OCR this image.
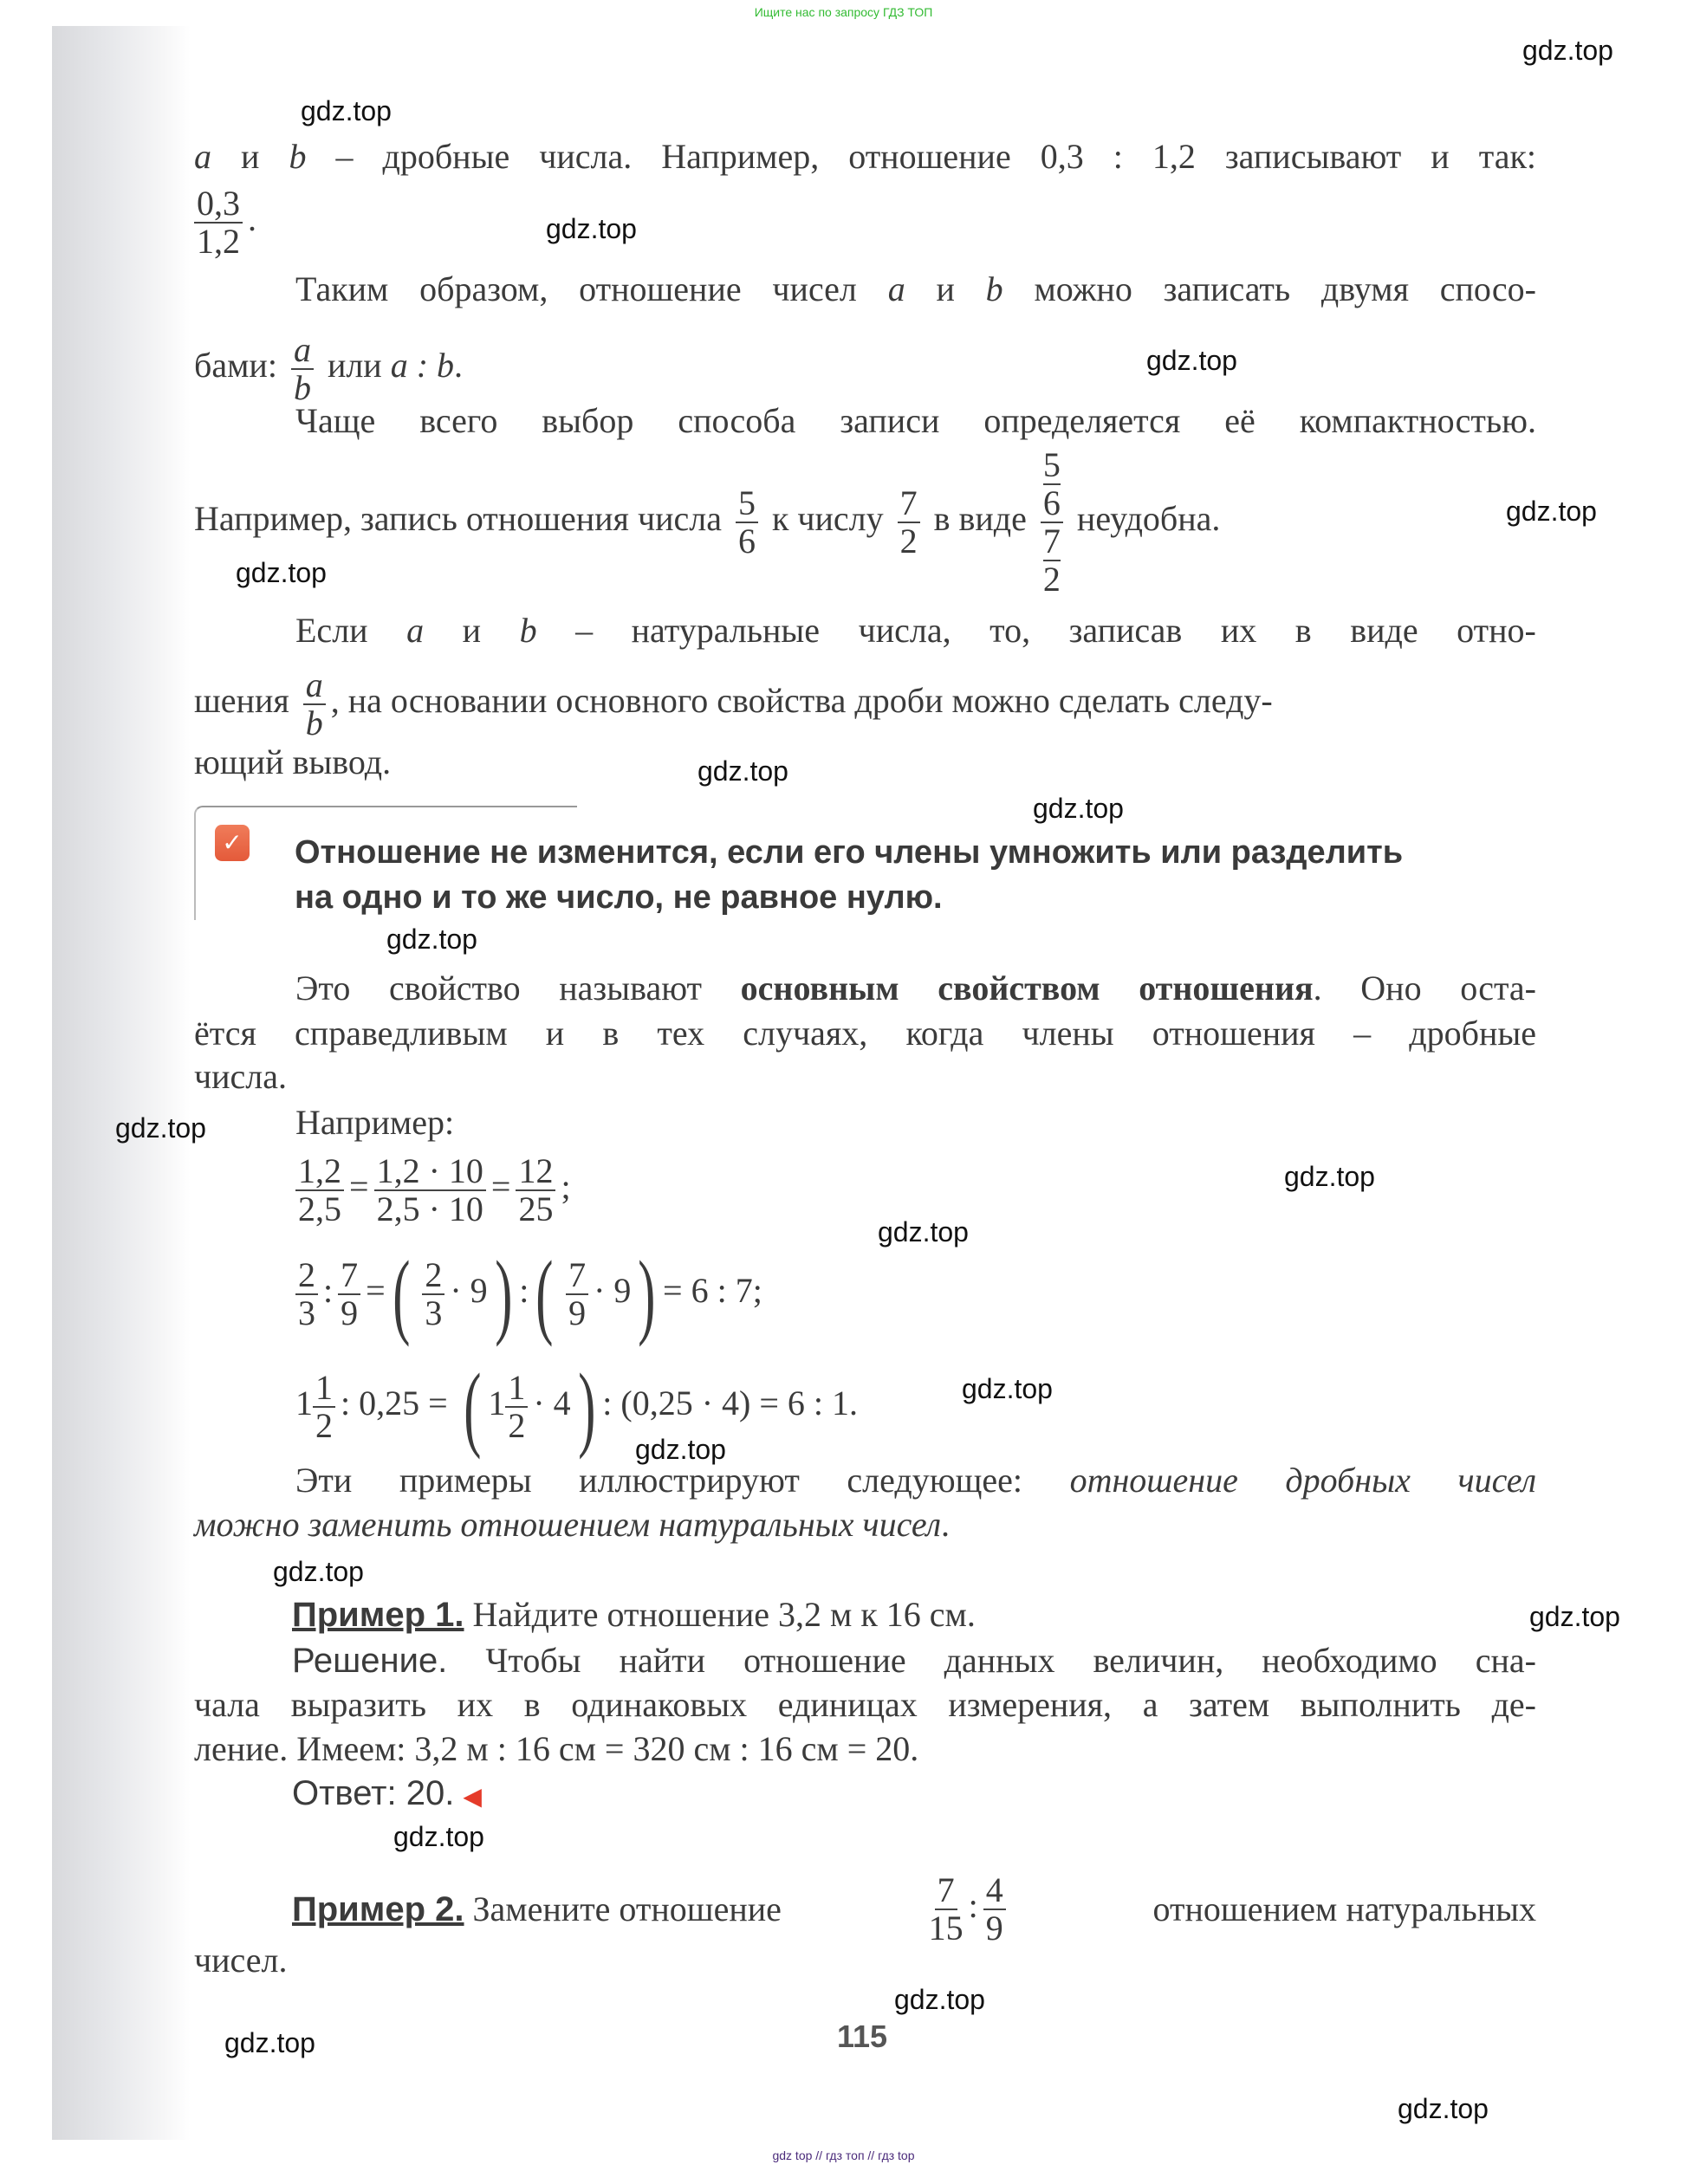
Ищите нас по запросу ГДЗ ТОП
a и b – дробные числа. Например, отношение 0,3 : 1,2 записывают и так:
$\frac{0,3}{1,2}$ .
Таким образом, отношение чисел a и b можно записать двумя спосо-
бами: $\frac{a}{b}$ или a : b.
Чаще всего выбор способа записи определяется её компактностью.
Например, запись отношения числа $\frac{5}{6}$ к числу $\frac{7}{2}$ в виде 5
6
7
2 неудобна.
Если a и b – натуральные числа, то, записав их в виде отно-
шения $\frac{a}{b}$ , на основании основного свойства дроби можно сделать следу-
ющий вывод.
✓ Отношение не изменится, если его члены умножить или разделить
на одно и то же число, не равное нулю.
Это свойство называют основным свойством отношения. Оно оста-
ётся справедливым и в тех случаях, когда члены отношения – дробные
числа.
Например:
$\frac{1,2}{2,5} = \frac{1,2 \cdot 10}{2,5 \cdot 10} = \frac{12}{25}$ ;
$\frac{2}{3}$ : $\frac{7}{9}$ =( $\frac{2}{3} \cdot 9$) :( $\frac{7}{9} \cdot 9) = 6$ : 7;
$1 \frac{1}{2}$ : 0,25 = ( $1 \frac{1}{2} \cdot 4$) : (0,25 · 4) = 6 : 1.
Эти примеры иллюстрируют следующее: отношение дробных чисел
можно заменить отношением натуральных чисел.
Пример 1. Найдите отношение 3,2 м к 16 см.
Решение. Чтобы найти отношение данных величин, необходимо сна-
чала выразить их в одинаковых единицах измерения, а затем выполнить де-
ление. Имеем: 3,2 м : 16 см = 320 см : 16 см = 20.
Ответ: 20. ◀
Пример 2. Замените отношение	$\frac{7}{15}$ : $\frac{4}{9}$	отношением натуральных
чисел.
115
gdz top // гдз топ // гдз top
gdz.top
gdz.top
gdz.top
gdz.top
gdz.top
gdz.top
gdz.top
gdz.top
gdz.top
gdz.top
gdz.top
gdz.top
gdz.top
gdz.top
gdz.top
gdz.top
gdz.top
gdz.top
gdz.top
gdz.top
